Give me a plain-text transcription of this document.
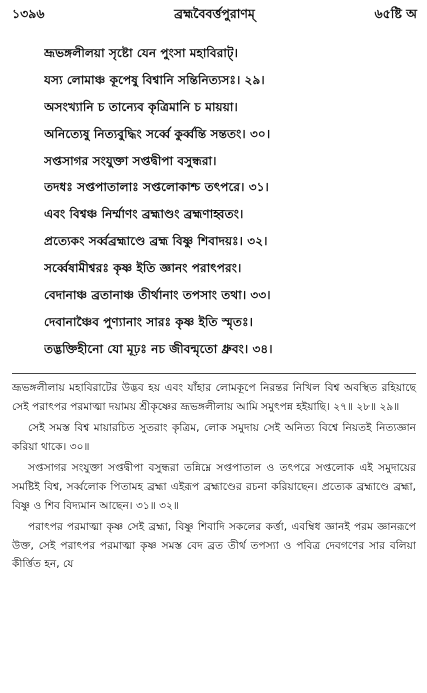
১৩৯৬	ব্রহ্মবৈবর্ত্তপুরাণম্	৬৫ষ্টি অ
ভ্রূভঙ্গলীলয়া সৃষ্টো যেন পুংসা মহাবিরাট্।
যস্য লোমাঞ্চ কূপেষু বিশ্বানি সন্তিনিত্যসঃ। ২৯।
অসংখ্যানি চ তান্যেব কৃত্রিমানি চ মায়য়া।
অনিত্যেষু নিত্যবুদ্ধিং সর্ব্বে কুর্ব্বন্তি সন্ততং। ৩০।
সপ্তসাগর সংযুক্তা সপ্তদ্বীপা বসুন্ধরা।
তদধঃ সপ্তপাতালাঃ সপ্তলোকাশ্চ তৎপরে। ৩১।
এবং বিশ্বঞ্চ নির্ম্মাণং ব্রহ্মাণ্ডং ব্রহ্মণাহ্বতং।
প্রত্যেকং সর্ব্বব্রহ্মাণ্ডে ব্রহ্ম বিষ্ণু শিবাদয়ঃ। ৩২।
সর্ব্বেষামীশ্বরঃ কৃষ্ণ ইতি জ্ঞানং পরাৎপরং।
বেদানাঞ্চ ব্রতানাঞ্চ তীর্থানাং তপসাং তথা। ৩৩।
দেবানাঞ্চৈব পুণ্যানাং সারঃ কৃষ্ণ ইতি স্মৃতঃ।
তদ্ভক্তিহীনো যো মূঢ়ঃ নচ জীবন্মৃতো ধ্রুবং। ৩৪।

ভ্রূভঙ্গলীলায় মহাবিরাটের উদ্ভব হয় এবং যাঁহার লোমকূপে নিরন্তর নিখিল বিশ্ব অবস্থিত রহিয়াছে সেই পরাৎপর পরমাত্মা দয়াময় শ্রীকৃষ্ণের ভ্রূভঙ্গলীলায় আমি সমুৎপন্ন হইয়াছি। ২৭॥ ২৮॥ ২৯॥

সেই সমস্ত বিশ্ব মায়ারচিত সুতরাং কৃত্রিম, লোক সমুদায় সেই অনিত্য বিশ্বে নিয়তই নিত্যজ্ঞান করিয়া থাকে। ৩০॥

সপ্তসাগর সংযুক্তা সপ্তদ্বীপা বসুন্ধরা তন্নিম্নে সপ্তপাতাল ও তৎপরে সপ্তলোক এই সমুদায়ের সমষ্টিই বিশ্ব, সর্ব্বলোক পিতামহ ব্রহ্মা এইরূপ ব্রহ্মাণ্ডের রচনা করিয়াছেন। প্রত্যেক ব্রহ্মাণ্ডে ব্রহ্মা, বিষ্ণু ও শিব বিদ্যমান আছেন। ৩১॥ ৩২॥

পরাৎপর পরমাত্মা কৃষ্ণ সেই ব্রহ্মা, বিষ্ণু শিবাদি সকলের কর্ত্তা, এবম্বিধ জ্ঞানই পরম জ্ঞানরূপে উক্ত, সেই পরাৎপর পরমাত্মা কৃষ্ণ সমস্ত বেদ ব্রত তীর্থ তপস্যা ও পবিত্র দেবগণের সার বলিয়া কীর্ত্তিত হন, যে
